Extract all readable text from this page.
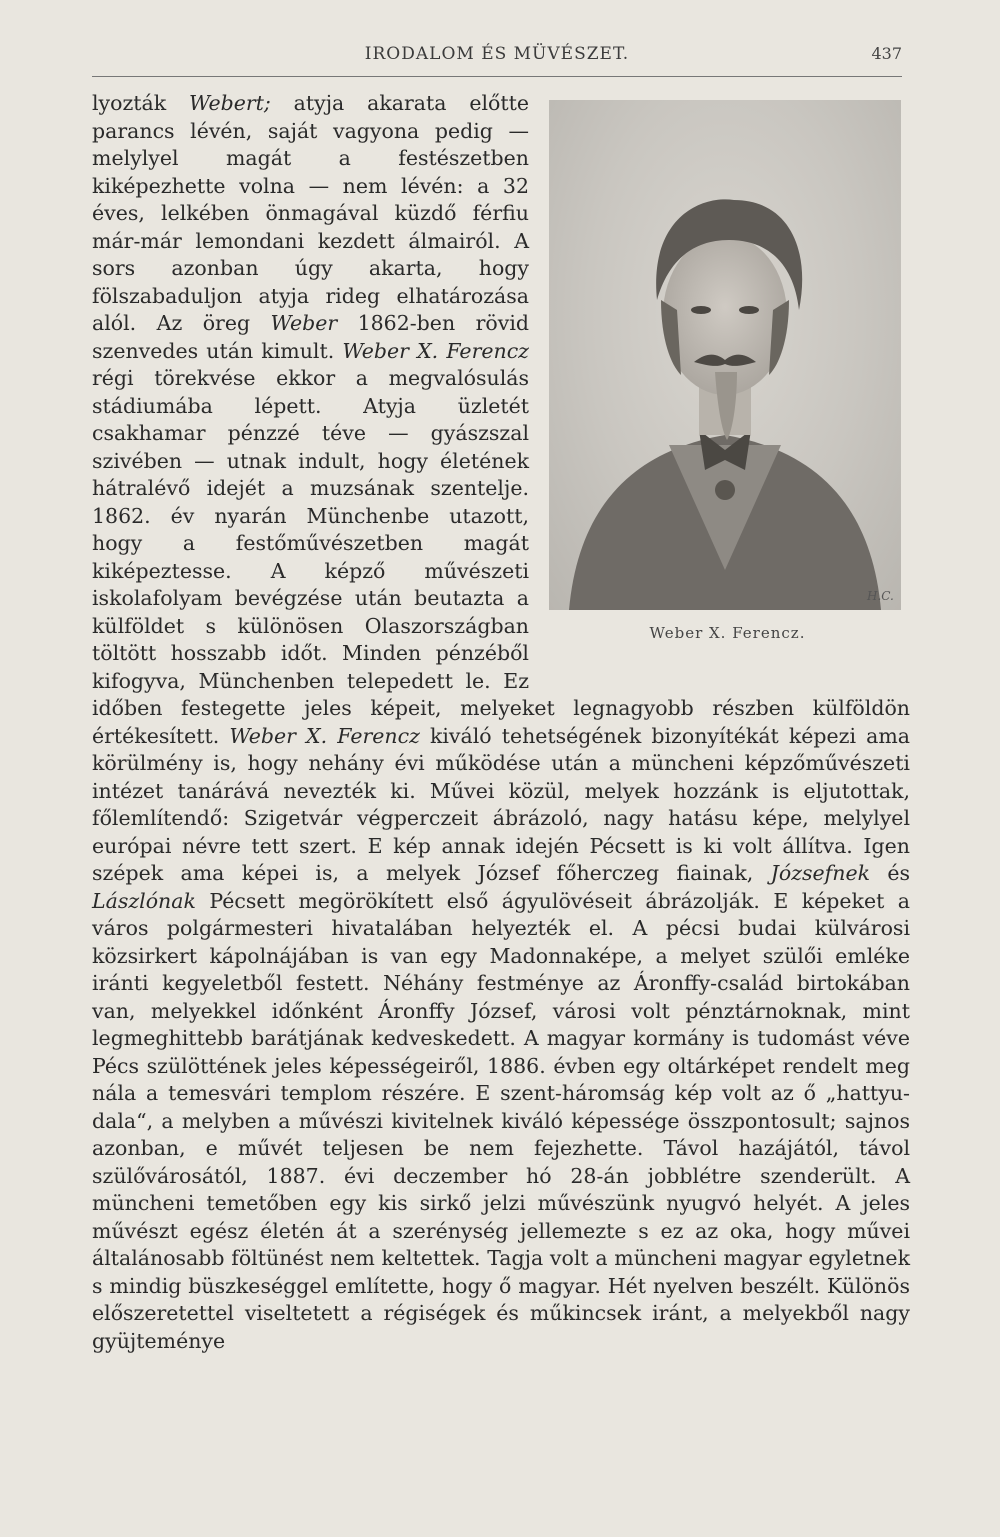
IRODALOM ÉS MÜVÉSZET.	437

H.C.
Weber X. Ferencz.
lyozták Webert; atyja akarata előtte parancs lévén, saját vagyona pedig — melylyel magát a festészetben kiképezhette volna — nem lévén: a 32 éves, lelkében önmagával küzdő férfiu már-már lemondani kezdett álmairól. A sors azonban úgy akarta, hogy fölszabaduljon atyja rideg elhatározása alól. Az öreg Weber 1862-ben rövid szenvedes után kimult. Weber X. Ferencz régi törekvése ekkor a megvalósulás stádiumába lépett. Atyja üzletét csakhamar pénzzé téve — gyászszal szivében — utnak indult, hogy életének hátralévő idejét a muzsának szentelje. 1862. év nyarán Münchenbe utazott, hogy a festőművészetben magát kiképeztesse. A képző művészeti iskolafolyam bevégzése után beutazta a külföldet s különösen Olaszországban töltött hosszabb időt. Minden pénzéből kifogyva, Münchenben telepedett le. Ez időben festegette jeles képeit, melyeket legnagyobb részben külföldön értékesített. Weber X. Ferencz kiváló tehetségének bizonyítékát képezi ama körülmény is, hogy nehány évi működése után a müncheni képzőművészeti intézet tanárává nevezték ki. Művei közül, melyek hozzánk is eljutottak, főlemlítendő: Szigetvár végperczeit ábrázoló, nagy hatásu képe, melylyel európai névre tett szert. E kép annak idején Pécsett is ki volt állítva. Igen szépek ama képei is, a melyek József főherczeg fiainak, Józsefnek és Lászlónak Pécsett megörökített első ágyulövéseit ábrázolják. E képeket a város polgármesteri hivatalában helyezték el. A pécsi budai külvárosi közsirkert kápolnájában is van egy Madonnaképe, a melyet szülői emléke iránti kegyeletből festett. Néhány festménye az Áronffy-család birtokában van, melyekkel időnként Áronffy József, városi volt pénztárnoknak, mint legmeghittebb barátjának kedveskedett. A magyar kormány is tudomást véve Pécs szülöttének jeles képességeiről, 1886. évben egy oltárképet rendelt meg nála a temesvári templom részére. E szent-háromság kép volt az ő „hattyu-dala“, a melyben a művészi kivitelnek kiváló képessége összpontosult; sajnos azonban, e művét teljesen be nem fejezhette. Távol hazájától, távol szülővárosától, 1887. évi deczember hó 28-án jobblétre szenderült. A müncheni temetőben egy kis sirkő jelzi művészünk nyugvó helyét. A jeles művészt egész életén át a szerénység jellemezte s ez az oka, hogy művei általánosabb föltünést nem keltettek. Tagja volt a müncheni magyar egyletnek s mindig büszkeséggel említette, hogy ő magyar. Hét nyelven beszélt. Különös előszeretettel viseltetett a régiségek és műkincsek iránt, a melyekből nagy gyüjteménye
